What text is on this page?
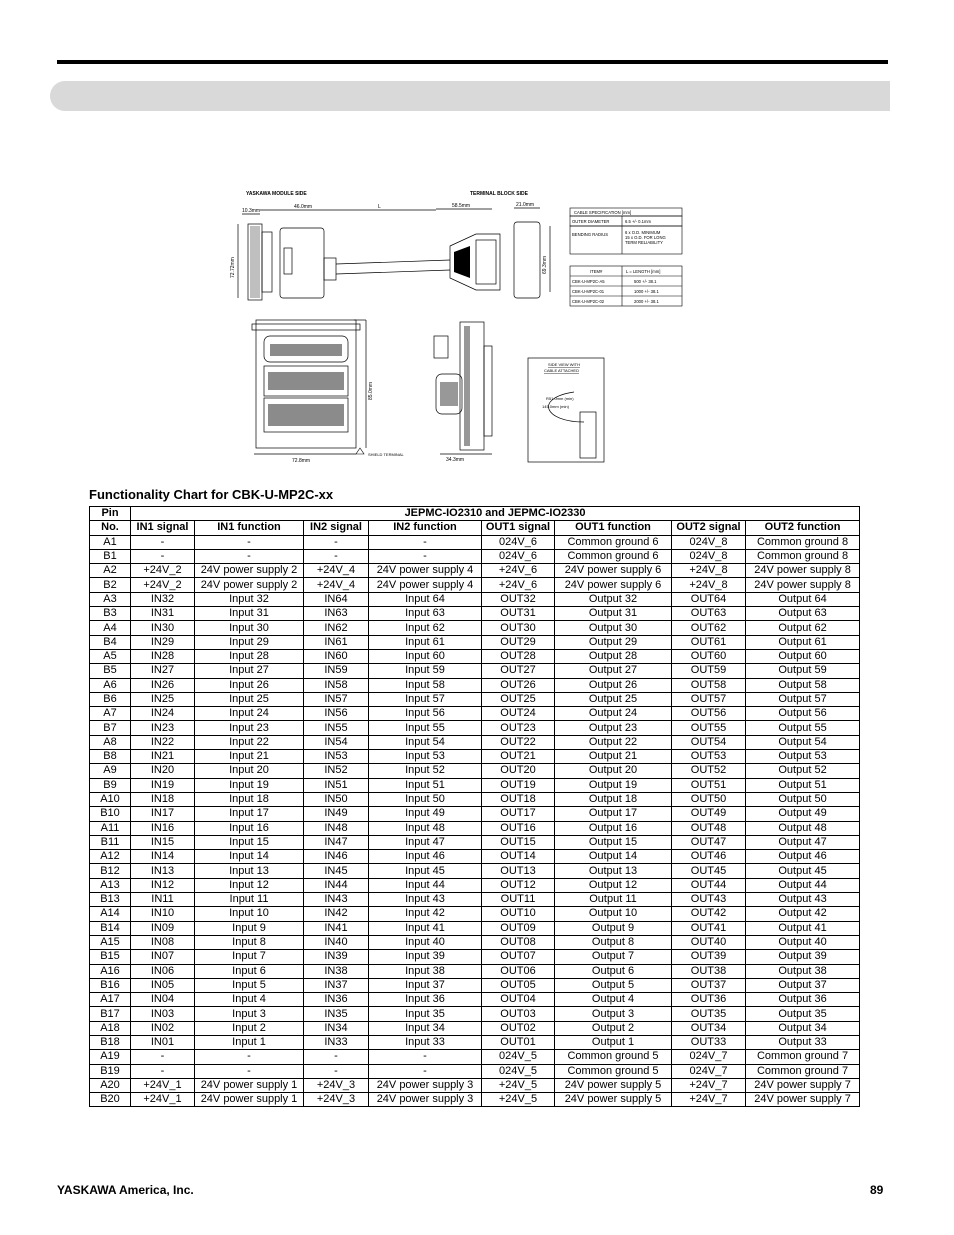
YASKAWA MODULE SIDE	TERMINAL BLOCK SIDE
10.3mm
46.0mm	L	58.5mm	21.0mm
72.72mm	69.3mm
CABLE SPECIFICATION [mm]
OUTER DIAMETER	6.5 +/- 0.1mm
BENDING RADIUS	6 x O.D. MINIMUM 15 x O.D. FOR LONG TERM RELIABILITY
ITEM#	L = LENGTH [mm]
CBK-U-MP2C-A5	500 +/- 38.1
CBK-U-MP2C-01	1000 +/- 38.1
CBK-U-MP2C-02	2000 +/- 38.1
85.0mm
72.8mm
SHIELD TERMINAL
34.3mm
SIDE VIEW WITH
CABLE ATTACHED
R51.0mm (min)
145.0mm (min)
Functionality Chart for CBK-U-MP2C-xx
Pin	JEPMC-IO2310 and JEPMC-IO2330							
No.	IN1 signal	IN1 function	IN2 signal	IN2 function	OUT1 signal	OUT1 function	OUT2 signal	OUT2 function
A1	-	-	-	-	024V_6	Common ground 6	024V_8	Common ground 8
B1	-	-	-	-	024V_6	Common ground 6	024V_8	Common ground 8
A2	+24V_2	24V power supply 2	+24V_4	24V power supply 4	+24V_6	24V power supply 6	+24V_8	24V power supply 8
B2	+24V_2	24V power supply 2	+24V_4	24V power supply 4	+24V_6	24V power supply 6	+24V_8	24V power supply 8
A3	IN32	Input 32	IN64	Input 64	OUT32	Output 32	OUT64	Output 64
B3	IN31	Input 31	IN63	Input 63	OUT31	Output 31	OUT63	Output 63
A4	IN30	Input 30	IN62	Input 62	OUT30	Output 30	OUT62	Output 62
B4	IN29	Input 29	IN61	Input 61	OUT29	Output 29	OUT61	Output 61
A5	IN28	Input 28	IN60	Input 60	OUT28	Output 28	OUT60	Output 60
B5	IN27	Input 27	IN59	Input 59	OUT27	Output 27	OUT59	Output 59
A6	IN26	Input 26	IN58	Input 58	OUT26	Output 26	OUT58	Output 58
B6	IN25	Input 25	IN57	Input 57	OUT25	Output 25	OUT57	Output 57
A7	IN24	Input 24	IN56	Input 56	OUT24	Output 24	OUT56	Output 56
B7	IN23	Input 23	IN55	Input 55	OUT23	Output 23	OUT55	Output 55
A8	IN22	Input 22	IN54	Input 54	OUT22	Output 22	OUT54	Output 54
B8	IN21	Input 21	IN53	Input 53	OUT21	Output 21	OUT53	Output 53
A9	IN20	Input 20	IN52	Input 52	OUT20	Output 20	OUT52	Output 52
B9	IN19	Input 19	IN51	Input 51	OUT19	Output 19	OUT51	Output 51
A10	IN18	Input 18	IN50	Input 50	OUT18	Output 18	OUT50	Output 50
B10	IN17	Input 17	IN49	Input 49	OUT17	Output 17	OUT49	Output 49
A11	IN16	Input 16	IN48	Input 48	OUT16	Output 16	OUT48	Output 48
B11	IN15	Input 15	IN47	Input 47	OUT15	Output 15	OUT47	Output 47
A12	IN14	Input 14	IN46	Input 46	OUT14	Output 14	OUT46	Output 46
B12	IN13	Input 13	IN45	Input 45	OUT13	Output 13	OUT45	Output 45
A13	IN12	Input 12	IN44	Input 44	OUT12	Output 12	OUT44	Output 44
B13	IN11	Input 11	IN43	Input 43	OUT11	Output 11	OUT43	Output 43
A14	IN10	Input 10	IN42	Input 42	OUT10	Output 10	OUT42	Output 42
B14	IN09	Input 9	IN41	Input 41	OUT09	Output 9	OUT41	Output 41
A15	IN08	Input 8	IN40	Input 40	OUT08	Output 8	OUT40	Output 40
B15	IN07	Input 7	IN39	Input 39	OUT07	Output 7	OUT39	Output 39
A16	IN06	Input 6	IN38	Input 38	OUT06	Output 6	OUT38	Output 38
B16	IN05	Input 5	IN37	Input 37	OUT05	Output 5	OUT37	Output 37
A17	IN04	Input 4	IN36	Input 36	OUT04	Output 4	OUT36	Output 36
B17	IN03	Input 3	IN35	Input 35	OUT03	Output 3	OUT35	Output 35
A18	IN02	Input 2	IN34	Input 34	OUT02	Output 2	OUT34	Output 34
B18	IN01	Input 1	IN33	Input 33	OUT01	Output 1	OUT33	Output 33
A19	-	-	-	-	024V_5	Common ground 5	024V_7	Common ground 7
B19	-	-	-	-	024V_5	Common ground 5	024V_7	Common ground 7
A20	+24V_1	24V power supply 1	+24V_3	24V power supply 3	+24V_5	24V power supply 5	+24V_7	24V power supply 7
B20	+24V_1	24V power supply 1	+24V_3	24V power supply 3	+24V_5	24V power supply 5	+24V_7	24V power supply 7
YASKAWA America, Inc.	89
